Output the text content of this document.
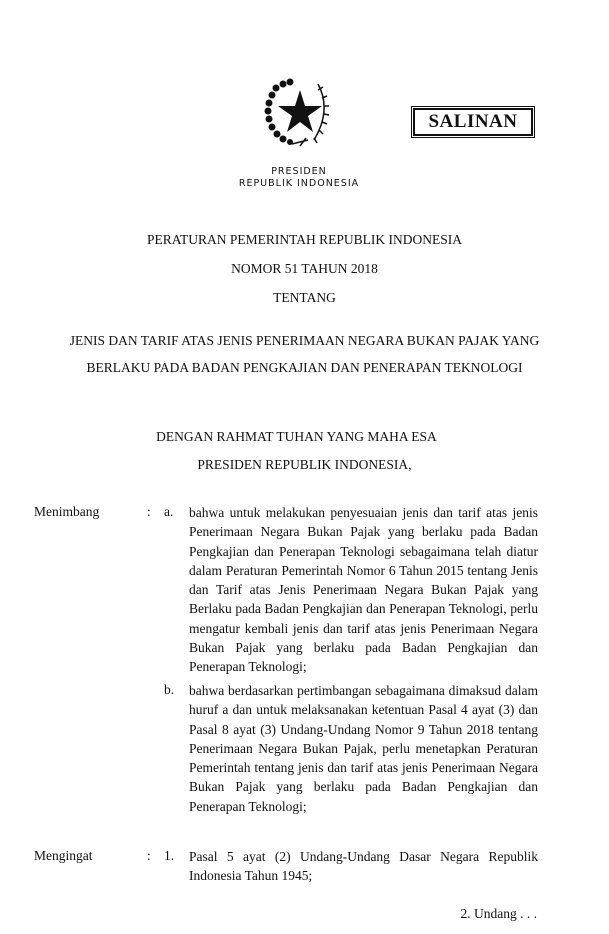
SALINAN
PRESIDEN
REPUBLIK INDONESIA
PERATURAN PEMERINTAH REPUBLIK INDONESIA
NOMOR 51 TAHUN 2018
TENTANG
JENIS DAN TARIF ATAS JENIS PENERIMAAN NEGARA BUKAN PAJAK YANG
BERLAKU PADA BADAN PENGKAJIAN DAN PENERAPAN TEKNOLOGI
DENGAN RAHMAT TUHAN YANG MAHA ESA
PRESIDEN REPUBLIK INDONESIA,
Menimbang	: a. bahwa untuk melakukan penyesuaian jenis dan tarif atas jenis Penerimaan Negara Bukan Pajak yang berlaku pada Badan Pengkajian dan Penerapan Teknologi sebagaimana telah diatur dalam Peraturan Pemerintah Nomor 6 Tahun 2015 tentang Jenis dan Tarif atas Jenis Penerimaan Negara Bukan Pajak yang Berlaku pada Badan Pengkajian dan Penerapan Teknologi, perlu mengatur kembali jenis dan tarif atas jenis Penerimaan Negara Bukan Pajak yang berlaku pada Badan Pengkajian dan Penerapan Teknologi;
b. bahwa berdasarkan pertimbangan sebagaimana dimaksud dalam huruf a dan untuk melaksanakan ketentuan Pasal 4 ayat (3) dan Pasal 8 ayat (3) Undang-Undang Nomor 9 Tahun 2018 tentang Penerimaan Negara Bukan Pajak, perlu menetapkan Peraturan Pemerintah tentang jenis dan tarif atas jenis Penerimaan Negara Bukan Pajak yang berlaku pada Badan Pengkajian dan Penerapan Teknologi;
Mengingat	: 1. Pasal 5 ayat (2) Undang-Undang Dasar Negara Republik Indonesia Tahun 1945;
2. Undang . . .
